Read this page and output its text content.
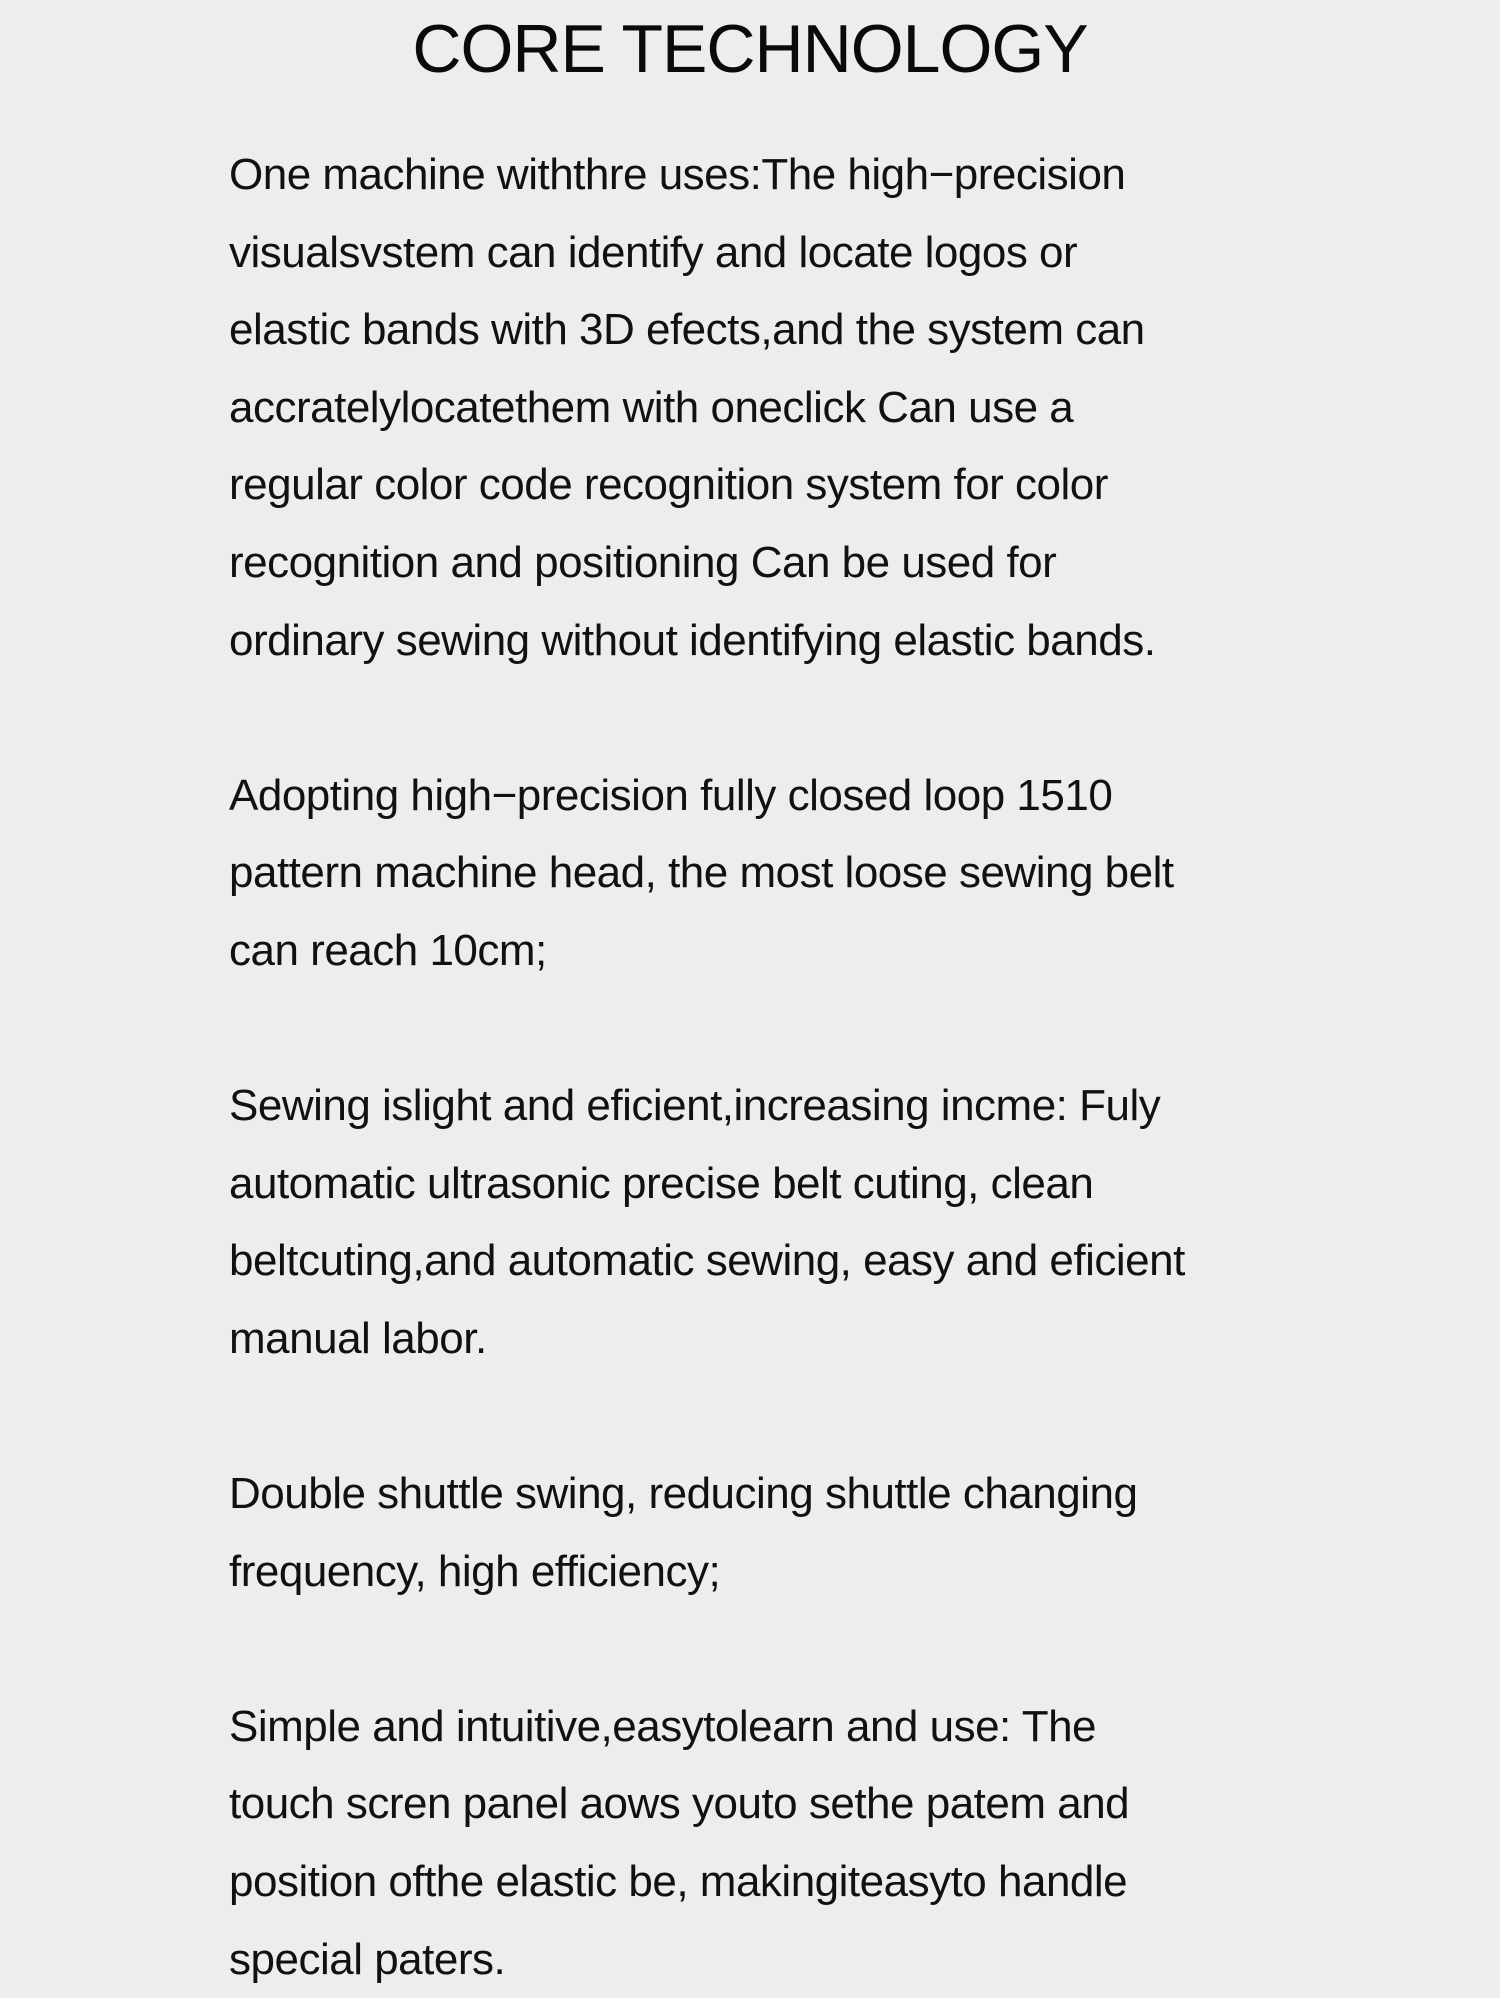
CORE TECHNOLOGY

One machine withthre uses:The high−precision
visualsvstem can identify and locate logos or
elastic bands with 3D efects,and the system can
accratelylocatethem with oneclick Can use a
regular color code recognition system for color
recognition and positioning Can be used for
ordinary sewing without identifying elastic bands.

Adopting high−precision fully closed loop 1510
pattern machine head, the most loose sewing belt
can reach 10cm;

Sewing islight and eficient,increasing incme: Fuly
automatic ultrasonic precise belt cuting, clean
beltcuting,and automatic sewing, easy and eficient
manual labor.

Double shuttle swing, reducing shuttle changing
frequency, high efficiency;

Simple and intuitive,easytolearn and use: The
touch scren panel aows youto sethe patem and
position ofthe elastic be, makingiteasyto handle
special paters.
